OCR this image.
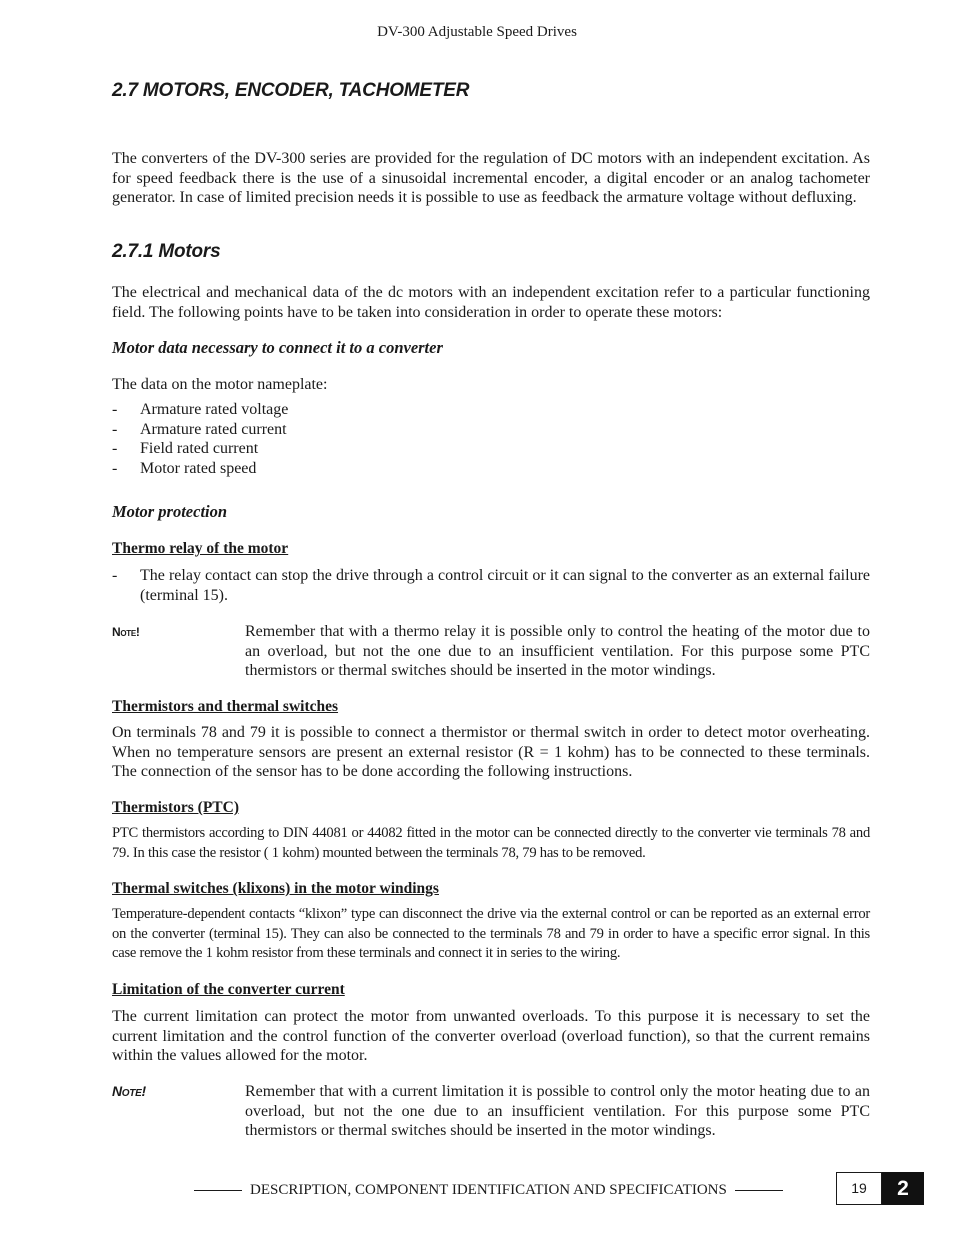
DV-300 Adjustable Speed Drives
2.7 MOTORS, ENCODER, TACHOMETER

The converters of the DV-300 series are provided for the regulation of DC motors with an independent excitation. As for speed feedback there is the use of a sinusoidal incremental encoder, a digital encoder or an analog tachometer generator. In case of limited precision needs it is possible to use as feedback the armature voltage without defluxing.

2.7.1 Motors

The electrical and mechanical data of the dc motors with an independent excitation refer to a particular functioning field. The following points have to be taken into consideration in order to operate these motors:

Motor data necessary to connect it to a converter

The data on the motor nameplate:

- Armature rated voltage
- Armature rated current
- Field rated current
- Motor rated speed
Motor protection
Thermo relay of the motor
- The relay contact can stop the drive through a control circuit or it can signal to the converter as an external failure (terminal 15).
Note!	Remember that with a thermo relay it is possible only to control the heating of the motor due to an overload, but not the one due to an insufficient ventilation. For this purpose some PTC thermistors or thermal switches should be inserted in the motor windings.
Thermistors and thermal switches

On terminals 78 and 79 it is possible to connect a thermistor or thermal switch in order to detect motor overheating. When no temperature sensors are present an external resistor (R = 1 kohm) has to be connected to these terminals. The connection of the sensor has to be done according the following instructions.

Thermistors (PTC)

PTC thermistors according to DIN 44081 or 44082 fitted in the motor can be connected directly to the converter vie terminals 78 and 79. In this case the resistor ( 1 kohm) mounted between the terminals 78, 79 has to be removed.

Thermal switches (klixons) in the motor windings

Temperature-dependent contacts “klixon” type can disconnect the drive via the external control or can be reported as an external error on the converter (terminal 15). They can also be connected to the terminals 78 and 79 in order to have a specific error signal. In this case remove the 1 kohm resistor from these terminals and connect it in series to the wiring.

Limitation of the converter current

The current limitation can protect the motor from unwanted overloads. To this purpose it is necessary to set the current limitation and the control function of the converter overload (overload function), so that the current remains within the values allowed for the motor.

Note!	Remember that with a current limitation it is possible to control only the motor heating due to an overload, but not the one due to an insufficient ventilation. For this purpose some PTC thermistors or thermal switches should be inserted in the motor windings.
DESCRIPTION, COMPONENT IDENTIFICATION AND SPECIFICATIONS	19	2
